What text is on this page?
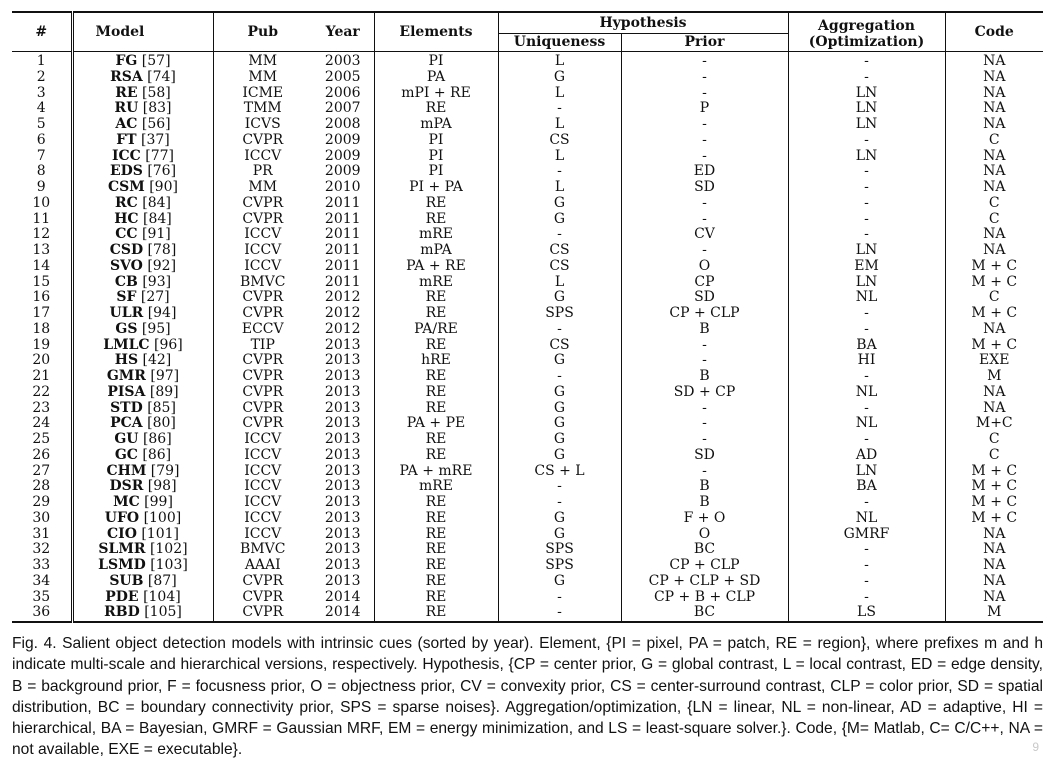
#	Model	Pub	Year	Elements	Hypothesis		Aggregation	Code
					Uniqueness	Prior	(Optimization)	
1	FG [57]	MM	2003	PI	L	-	-	NA
2	RSA [74]	MM	2005	PA	G	-	-	NA
3	RE [58]	ICME	2006	mPI + RE	L	-	LN	NA
4	RU [83]	TMM	2007	RE	-	P	LN	NA
5	AC [56]	ICVS	2008	mPA	L	-	LN	NA
6	FT [37]	CVPR	2009	PI	CS	-	-	C
7	ICC [77]	ICCV	2009	PI	L	-	LN	NA
8	EDS [76]	PR	2009	PI	-	ED	-	NA
9	CSM [90]	MM	2010	PI + PA	L	SD	-	NA
10	RC [84]	CVPR	2011	RE	G	-	-	C
11	HC [84]	CVPR	2011	RE	G	-	-	C
12	CC [91]	ICCV	2011	mRE	-	CV	-	NA
13	CSD [78]	ICCV	2011	mPA	CS	-	LN	NA
14	SVO [92]	ICCV	2011	PA + RE	CS	O	EM	M + C
15	CB [93]	BMVC	2011	mRE	L	CP	LN	M + C
16	SF [27]	CVPR	2012	RE	G	SD	NL	C
17	ULR [94]	CVPR	2012	RE	SPS	CP + CLP	-	M + C
18	GS [95]	ECCV	2012	PA/RE	-	B	-	NA
19	LMLC [96]	TIP	2013	RE	CS	-	BA	M + C
20	HS [42]	CVPR	2013	hRE	G	-	HI	EXE
21	GMR [97]	CVPR	2013	RE	-	B	-	M
22	PISA [89]	CVPR	2013	RE	G	SD + CP	NL	NA
23	STD [85]	CVPR	2013	RE	G	-	-	NA
24	PCA [80]	CVPR	2013	PA + PE	G	-	NL	M+C
25	GU [86]	ICCV	2013	RE	G	-	-	C
26	GC [86]	ICCV	2013	RE	G	SD	AD	C
27	CHM [79]	ICCV	2013	PA + mRE	CS + L	-	LN	M + C
28	DSR [98]	ICCV	2013	mRE	-	B	BA	M + C
29	MC [99]	ICCV	2013	RE	-	B	-	M + C
30	UFO [100]	ICCV	2013	RE	G	F + O	NL	M + C
31	CIO [101]	ICCV	2013	RE	G	O	GMRF	NA
32	SLMR [102]	BMVC	2013	RE	SPS	BC	-	NA
33	LSMD [103]	AAAI	2013	RE	SPS	CP + CLP	-	NA
34	SUB [87]	CVPR	2013	RE	G	CP + CLP + SD	-	NA
35	PDE [104]	CVPR	2014	RE	-	CP + B + CLP	-	NA
36	RBD [105]	CVPR	2014	RE	-	BC	LS	M
Fig. 4. Salient object detection models with intrinsic cues (sorted by year). Element, {PI = pixel, PA = patch, RE = region}, where prefixes m and h indicate multi-scale and hierarchical versions, respectively. Hypothesis, {CP = center prior, G = global contrast, L = local contrast, ED = edge density, B = background prior, F = focusness prior, O = objectness prior, CV = convexity prior, CS = center-surround contrast, CLP = color prior, SD = spatial distribution, BC = boundary connectivity prior, SPS = sparse noises}. Aggregation/optimization, {LN = linear, NL = non-linear, AD = adaptive, HI = hierarchical, BA = Bayesian, GMRF = Gaussian MRF, EM = energy minimization, and LS = least-square solver.}. Code, {M= Matlab, C= C/C++, NA = not available, EXE = executable}.	9
